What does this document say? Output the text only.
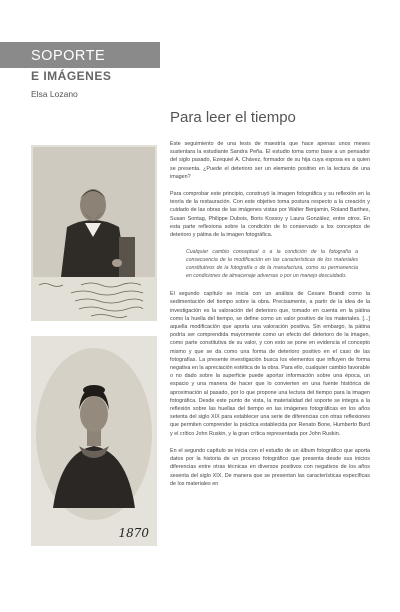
SOPORTE
E IMÁGENES

Elsa Lozano

Para leer el tiempo
1870

Este seguimiento de una tesis de maestría que hace apenas unos meses sustentara la estudiante Sandra Peña. El estudio toma como base a un pensador del siglo pasado, Ezequiel A. Chávez, formador de su hija cuya esposa es a quien se presenta. ¿Puede el deterioro ser un elemento positivo en la lectura de una imagen?

Para comprobar este principio, construyó la imagen fotográfica y su reflexión en la teoría de la restauración. Con este objetivo toma postura respecto a la creación y cuidado de las obras de las imágenes vistas por Walter Benjamin, Roland Barthes, Susan Sontag, Philippe Dubois, Boris Kossoy y Laura González, entre otros. En esta parte reflexiona sobre la condición de lo conservado a los conceptos de deterioro y pátina de la imagen fotográfica.

Cualquier cambio conceptual o a la condición de la fotografía a consecuencia de la modificación en las características de los materiales constitutivos de la fotografía o de la manufactura, como su permanencia en condiciones de almacenaje adversas o por un manejo descuidado.

El segundo capítulo se inicia con un análisis de Cesare Brandi como la sedimentación del tiempo sobre la obra. Precisamente, a partir de la idea de la investigación es la valoración del deterioro que, tomado en cuenta en la pátina como la huella del tiempo, se define como un valor positivo de los materiales. [...] aquella modificación que aporta una valoración positiva. Sin embargo, la pátina podría ser comprendida mayormente como un efecto del deterioro de la imagen, como parte constitutiva de su valor, y con esto se pone en evidencia el concepto mismo y que se da como una forma de deterioro positivo en el caso de las fotografías. La presente investigación busca los elementos que influyen de forma negativa en la apreciación estética de la obra. Para ello, cualquier cambio favorable o no dado sobre la superficie puede aportar información sobre una época, un espacio y una manera de hacer que lo convierten en una fuente histórica de aproximación al pasado, por lo que propone una lectura del tiempo para la imagen fotográfica. Desde este punto de vista, la materialidad del soporte se integra a la reflexión sobre las huellas del tiempo en las imágenes fotográficas en los años setenta del siglo XIX para establecer una serie de diferencias con otras reflexiones que permiten comprender la práctica establecida por Renato Bone, Humberto Burd y el crítico John Ruskin, y la gran crítica representada por John Ruskin.

En el segundo capítulo se inicia con el estudio de un álbum fotográfico que aporta datos por la historia de un proceso fotográfico que presenta desde sus inicios diferencias entre otras técnicas en diversos positivos con negativos de los años sesenta del siglo XIX. De manera que se presentan las características específicas de los materiales en
